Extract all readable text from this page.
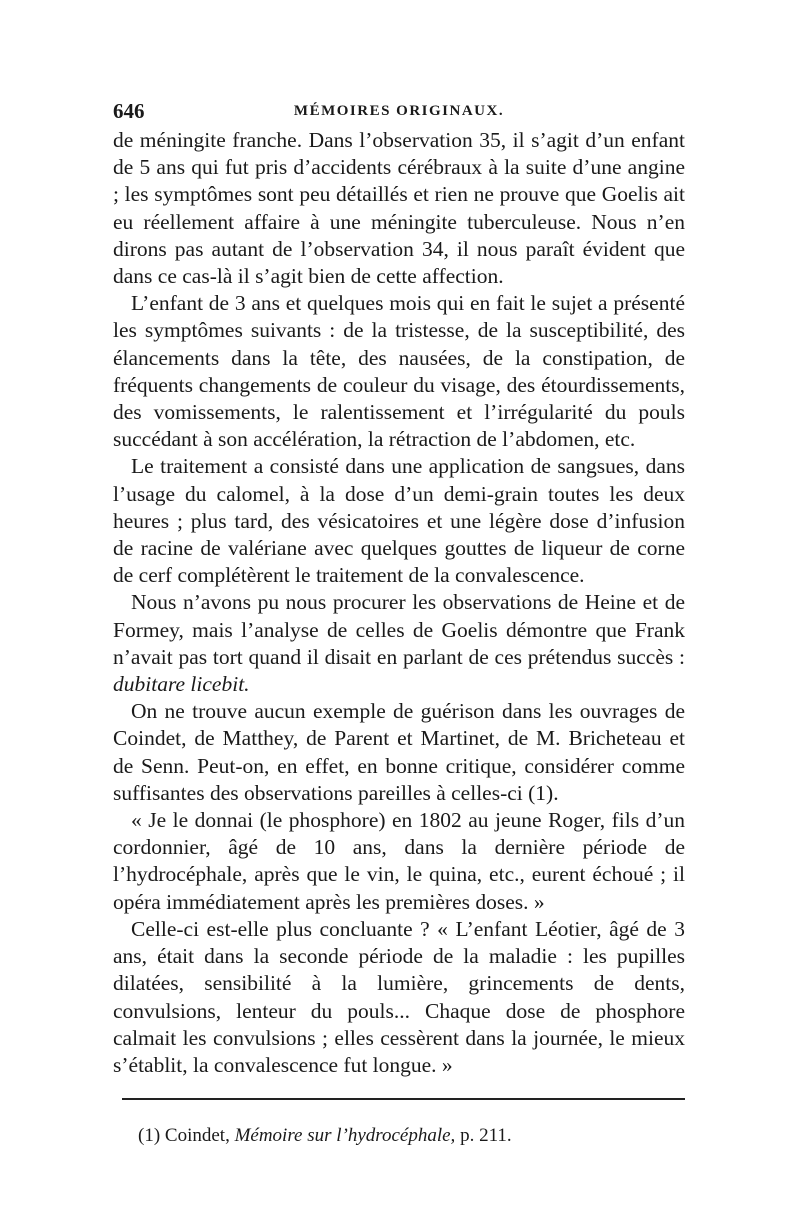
646	MÉMOIRES ORIGINAUX.

de méningite franche. Dans l’observation 35, il s’agit d’un enfant de 5 ans qui fut pris d’accidents cérébraux à la suite d’une angine ; les symptômes sont peu détaillés et rien ne prouve que Goelis ait eu réellement affaire à une méningite tuberculeuse. Nous n’en dirons pas autant de l’observation 34, il nous paraît évident que dans ce cas-là il s’agit bien de cette affection.

L’enfant de 3 ans et quelques mois qui en fait le sujet a présenté les symptômes suivants : de la tristesse, de la susceptibilité, des élancements dans la tête, des nausées, de la constipation, de fréquents changements de couleur du visage, des étourdissements, des vomissements, le ralentissement et l’irrégularité du pouls succédant à son accélération, la rétraction de l’abdomen, etc.

Le traitement a consisté dans une application de sangsues, dans l’usage du calomel, à la dose d’un demi-grain toutes les deux heures ; plus tard, des vésicatoires et une légère dose d’infusion de racine de valériane avec quelques gouttes de liqueur de corne de cerf complétèrent le traitement de la convalescence.

Nous n’avons pu nous procurer les observations de Heine et de Formey, mais l’analyse de celles de Goelis démontre que Frank n’avait pas tort quand il disait en parlant de ces prétendus succès : dubitare licebit.

On ne trouve aucun exemple de guérison dans les ouvrages de Coindet, de Matthey, de Parent et Martinet, de M. Bricheteau et de Senn. Peut-on, en effet, en bonne critique, considérer comme suffisantes des observations pareilles à celles-ci (1).

« Je le donnai (le phosphore) en 1802 au jeune Roger, fils d’un cordonnier, âgé de 10 ans, dans la dernière période de l’hydrocéphale, après que le vin, le quina, etc., eurent échoué ; il opéra immédiatement après les premières doses. »

Celle-ci est-elle plus concluante ? « L’enfant Léotier, âgé de 3 ans, était dans la seconde période de la maladie : les pupilles dilatées, sensibilité à la lumière, grincements de dents, convulsions, lenteur du pouls... Chaque dose de phosphore calmait les convulsions ; elles cessèrent dans la journée, le mieux s’établit, la convalescence fut longue. »

(1) Coindet, Mémoire sur l’hydrocéphale, p. 211.
